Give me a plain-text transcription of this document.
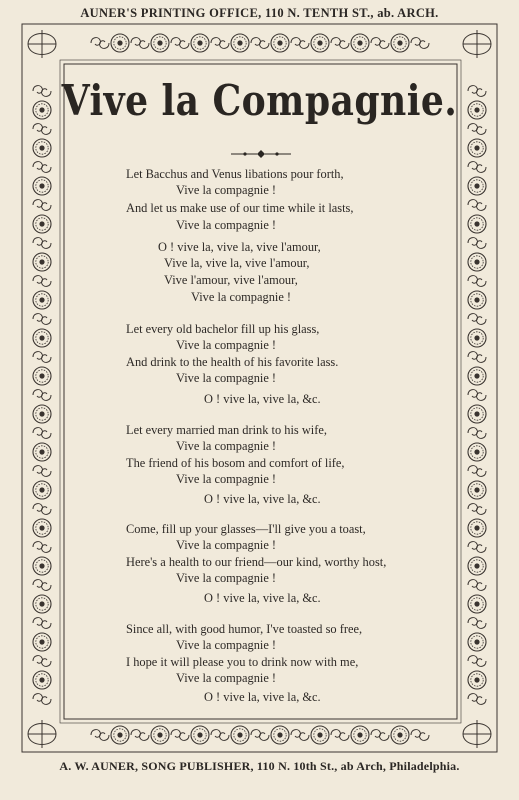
AUNER'S PRINTING OFFICE, 110 N. TENTH ST., ab. ARCH.
Vive la Compagnie.
Let Bacchus and Venus libations pour forth,
Vive la compagnie !
And let us make use of our time while it lasts,
Vive la compagnie !
O ! vive la, vive la, vive l'amour,
Vive la, vive la, vive l'amour,
Vive l'amour, vive l'amour,
Vive la compagnie !
Let every old bachelor fill up his glass,
Vive la compagnie !
And drink to the health of his favorite lass.
Vive la compagnie !
O ! vive la, vive la, &c.
Let every married man drink to his wife,
Vive la compagnie !
The friend of his bosom and comfort of life,
Vive la compagnie !
O ! vive la, vive la, &c.
Come, fill up your glasses—I'll give you a toast,
Vive la compagnie !
Here's a health to our friend—our kind, worthy host,
Vive la compagnie !
O ! vive la, vive la, &c.
Since all, with good humor, I've toasted so free,
Vive la compagnie !
I hope it will please you to drink now with me,
Vive la compagnie !
O ! vive la, vive la, &c.
A. W. AUNER, SONG PUBLISHER, 110 N. 10th St., ab Arch, Philadelphia.
